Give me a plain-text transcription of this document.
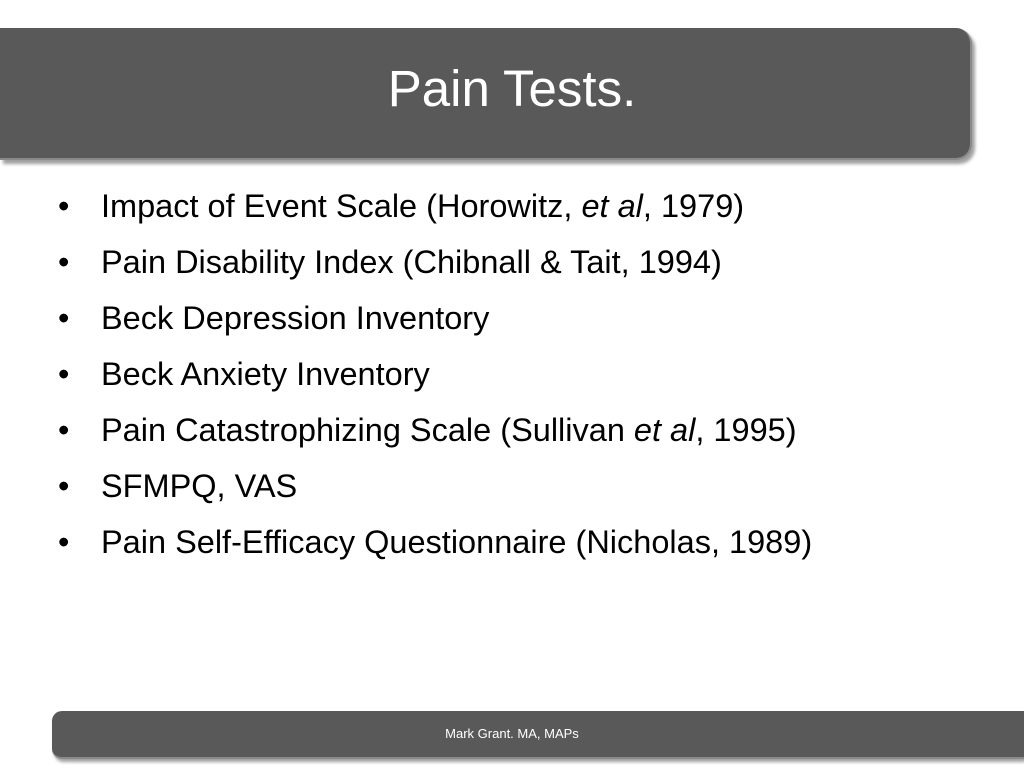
Pain Tests.
• Impact of Event Scale (Horowitz, et al, 1979)
• Pain Disability Index (Chibnall & Tait, 1994)
• Beck Depression Inventory
• Beck Anxiety Inventory
• Pain Catastrophizing Scale (Sullivan et al, 1995)
• SFMPQ, VAS
• Pain Self-Efficacy Questionnaire (Nicholas, 1989)
Mark Grant. MA, MAPs
